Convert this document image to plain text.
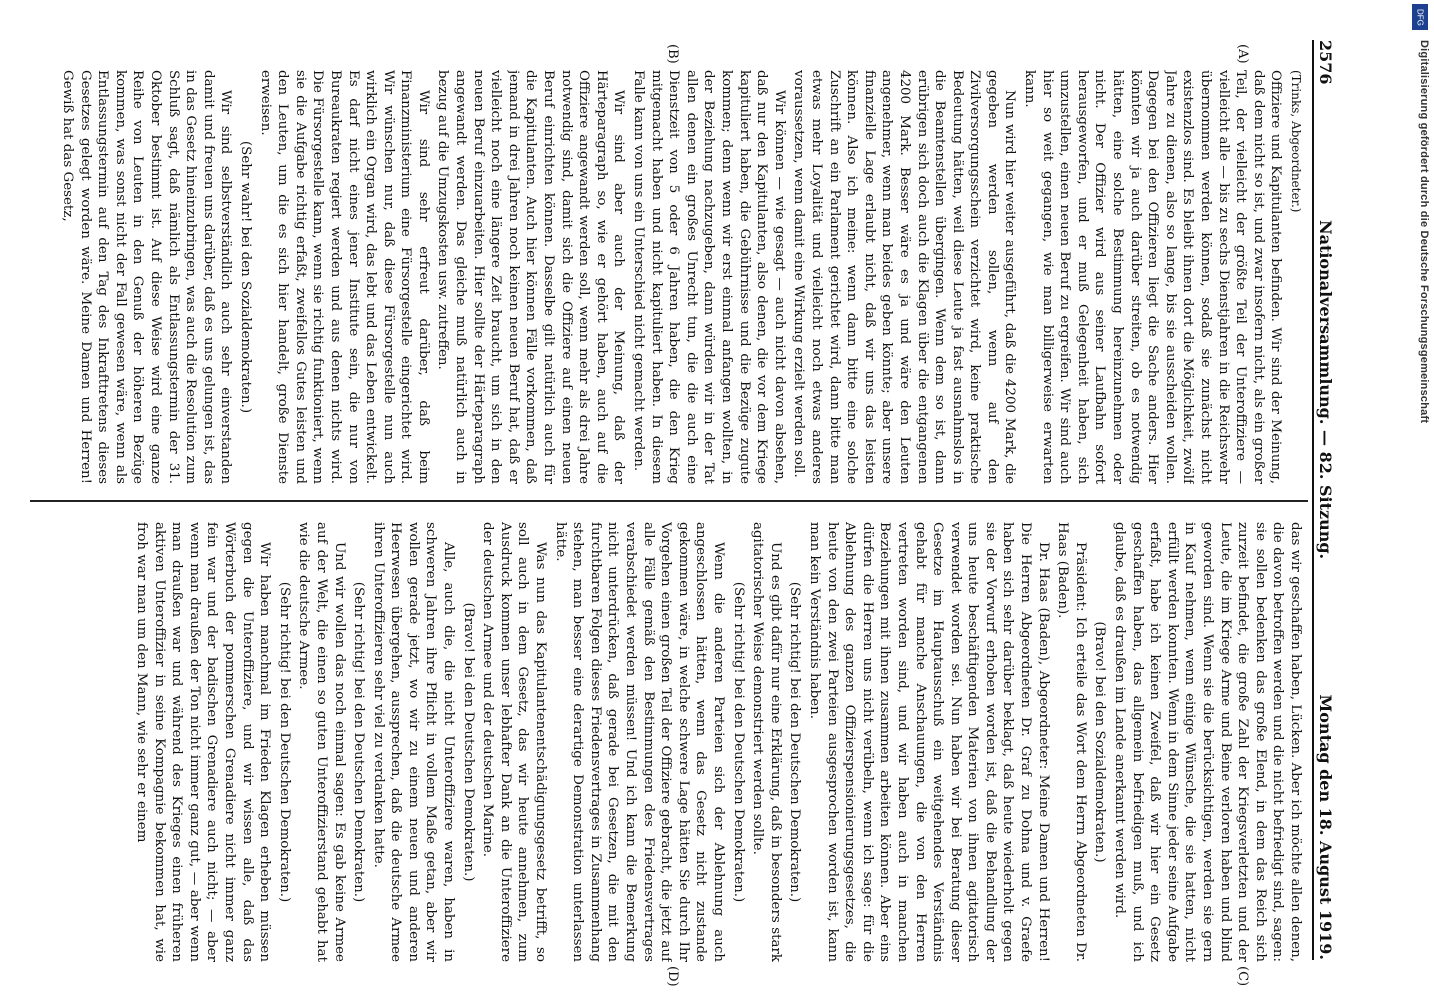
2576
Nationalversammlung. — 82. Sitzung.
Montag den 18. August 1919.
(A)
(B)
(C)
(D)

(Trinks, Abgeordneter.)

Offiziere und Kapitulanten befinden. Wir sind der Meinung, daß dem nicht so ist, und zwar insofern nicht, als ein großer Teil, der vielleicht der größte Teil der Unteroffiziere — vielleicht alle — bis zu sechs Dienstjahren in die Reichswehr übernommen werden können, sodaß sie zunächst nicht existenzlos sind. Es bleibt ihnen dort die Möglichkeit, zwölf Jahre zu dienen, also so lange, bis sie ausscheiden wollen. Dagegen bei den Offizieren liegt die Sache anders. Hier könnten wir ja auch darüber streiten, ob es notwendig hätten, eine solche Bestimmung hereinzunehmen oder nicht. Der Offizier wird aus seiner Laufbahn sofort herausgeworfen, und er muß Gelegenheit haben, sich umzustellen, einen neuen Beruf zu ergreifen. Wir sind auch hier so weit gegangen, wie man billigerweise erwarten kann.

Nun wird hier weiter ausgeführt, daß die 4200 Mark, die gegeben werden sollen, wenn auf den Zivilversorgungsschein verzichtet wird, keine praktische Bedeutung hätten, weil diese Leute ja fast ausnahmslos in die Beamtenstellen übergingen. Wenn dem so ist, dann erübrigen sich doch auch die Klagen über die entgangenen 4200 Mark. Besser wäre es ja und wäre den Leuten angenehmer, wenn man beides geben könnte; aber unsere finanzielle Lage erlaubt nicht, daß wir uns das leisten können. Also ich meine: wenn dann bitte eine solche Zuschrift an ein Parlament gerichtet wird, dann bitte man etwas mehr Loyalität und vielleicht noch etwas anderes voraussetzen, wenn damit eine Wirkung erzielt werden soll.

Wir können — wie gesagt — auch nicht davon absehen, daß nur den Kapitulanten, also denen, die vor dem Kriege kapituliert haben, die Gebührnisse und die Bezüge zugute kommen; denn wenn wir erst einmal anfangen wollten, in der Beziehung nachzugeben, dann würden wir in der Tat allen denen ein großes Unrecht tun, die die auch eine Dienstzeit von 5 oder 6 Jahren haben, die den Krieg mitgemacht haben und nicht kapituliert haben. In diesem Falle kann von uns ein Unterschied nicht gemacht werden.

Wir sind aber auch der Meinung, daß der Härteparagraph so, wie er gehört haben, auch auf die Offiziere angewandt werden soll, wenn mehr als drei Jahre notwendig sind, damit sich die Offiziere auf einen neuen Beruf einrichten können. Dasselbe gilt natürlich auch für die Kapitulanten. Auch hier können Fälle vorkommen, daß jemand in drei Jahren noch keinen neuen Beruf hat, daß er vielleicht noch eine längere Zeit braucht, um sich in den neuen Beruf einzuarbeiten. Hier sollte der Härteparagraph angewandt werden. Das gleiche muß natürlich auch in bezug auf die Umzugskosten usw. zutreffen.

Wir sind sehr erfreut darüber, daß beim Finanzministerium eine Fürsorgestelle eingerichtet wird. Wir wünschen nur, daß diese Fürsorgestelle nun auch wirklich ein Organ wird, das lebt und das Leben entwickelt. Es darf nicht eines jener Institute sein, die nur von Bureaukraten regiert werden und aus denen nichts wird. Die Fürsorgestelle kann, wenn sie richtig funktioniert, wenn sie die Aufgabe richtig erfaßt, zweifellos Gutes leisten und den Leuten, um die es sich hier handelt, große Dienste erweisen.

(Sehr wahr! bei den Sozialdemokraten.)

Wir sind selbstverständlich auch sehr einverstanden damit und freuen uns darüber, daß es uns gelungen ist, das in das Gesetz hineinzubringen, was auch die Resolution zum Schluß sagt, daß nämlich als Entlassungstermin der 31. Oktober bestimmt ist. Auf diese Weise wird eine ganze Reihe von Leuten in den Genuß der höheren Bezüge kommen, was sonst nicht der Fall gewesen wäre, wenn als Entlassungstermin auf den Tag des Inkrafttretens dieses Gesetzes gelegt worden wäre. Meine Damen und Herren! Gewiß hat das Gesetz,

das wir geschaffen haben, Lücken. Aber ich möchte allen denen, die davon betroffen werden und die nicht befriedigt sind, sagen: sie sollen bedenken das große Elend, in dem das Reich sich zurzeit befindet, die große Zahl der Kriegsverletzten und der Leute, die im Kriege Arme und Beine verloren haben und blind geworden sind. Wenn sie die berücksichtigen, werden sie gern in Kauf nehmen, wenn einige Wünsche, die sie hatten, nicht erfüllt werden konnten. Wenn in dem Sinne jeder seine Aufgabe erfaßt, habe ich keinen Zweifel, daß wir hier ein Gesetz geschaffen haben, das allgemein befriedigen muß, und ich glaube, daß es draußen im Lande anerkannt werden wird.

(Bravo! bei den Sozialdemokraten.)

Präsident: Ich erteile das Wort dem Herrn Abgeordneten Dr. Haas (Baden).

Dr. Haas (Baden), Abgeordneter: Meine Damen und Herren! Die Herren Abgeordneten Dr. Graf zu Dohna und v. Graefe haben sich sehr darüber beklagt, daß heute wiederholt gegen sie der Vorwurf erhoben worden ist, daß die Behandlung der uns heute beschäftigenden Materien von ihnen agitatorisch verwendet worden sei. Nun haben wir bei Beratung dieser Gesetze im Hauptausschuß ein weitgehendes Verständnis gehabt für manche Anschauungen, die von den Herren vertreten worden sind, und wir haben auch in manchen Beziehungen mit ihnen zusammen arbeiten können. Aber eins dürfen die Herren uns nicht verübeln, wenn ich sage: für die Ablehnung des ganzen Offizierspensionierungsgesetzes, die heute von den zwei Parteien ausgesprochen worden ist, kann man kein Verständnis haben.

(Sehr richtig! bei den Deutschen Demokraten.)

Und es gibt dafür nur eine Erklärung, daß in besonders stark agitatorischer Weise demonstriert werden sollte.

(Sehr richtig! bei den Deutschen Demokraten.)

Wenn die anderen Parteien sich der Ablehnung auch angeschlossen hätten, wenn das Gesetz nicht zustande gekommen wäre, in welche schwere Lage hätten Sie durch Ihr Vorgehen einen großen Teil der Offiziere gebracht, die jetzt auf alle Fälle gemäß den Bestimmungen des Friedensvertrages verabschiedet werden müssen! Und ich kann die Bemerkung nicht unterdrücken, daß gerade bei Gesetzen, die mit den furchtbaren Folgen dieses Friedensvertrages in Zusammenhang stehen, man besser eine derartige Demonstration unterlassen hätte.

Was nun das Kapitulantenentschädigungsgesetz betrifft, so soll auch in dem Gesetz, das wir heute annehmen, zum Ausdruck kommen unser lebhafter Dank an die Unteroffiziere der deutschen Armee und der deutschen Marine.

(Bravo! bei den Deutschen Demokraten.)

Alle, auch die, die nicht Unteroffiziere waren, haben in schweren Jahren ihre Pflicht in vollem Maße getan, aber wir wollen gerade jetzt, wo wir zu einem neuen und anderen Heerwesen übergehen, aussprechen, daß die deutsche Armee ihren Unteroffizieren sehr viel zu verdanken hatte.

(Sehr richtig! bei den Deutschen Demokraten.)

Und wir wollen das noch einmal sagen: Es gab keine Armee auf der Welt, die einen so guten Unteroffizierstand gehabt hat wie die deutsche Armee.

(Sehr richtig! bei den Deutschen Demokraten.)

Wir haben manchmal im Frieden Klagen erheben müssen gegen die Unteroffiziere, und wir wissen alle, daß das Wörterbuch der pommerschen Grenadiere nicht immer ganz fein war und der badischen Grenadiere auch nicht; — aber wenn man draußen der Ton nicht immer ganz gut, — aber wenn man draußen war und während des Krieges einen früheren aktiven Unteroffizier in seine Kompagnie bekommen hat, wie froh war man um den Mann, wie sehr er einem

DFG
Digitalisierung gefördert durch die Deutsche Forschungsgemeinschaft
